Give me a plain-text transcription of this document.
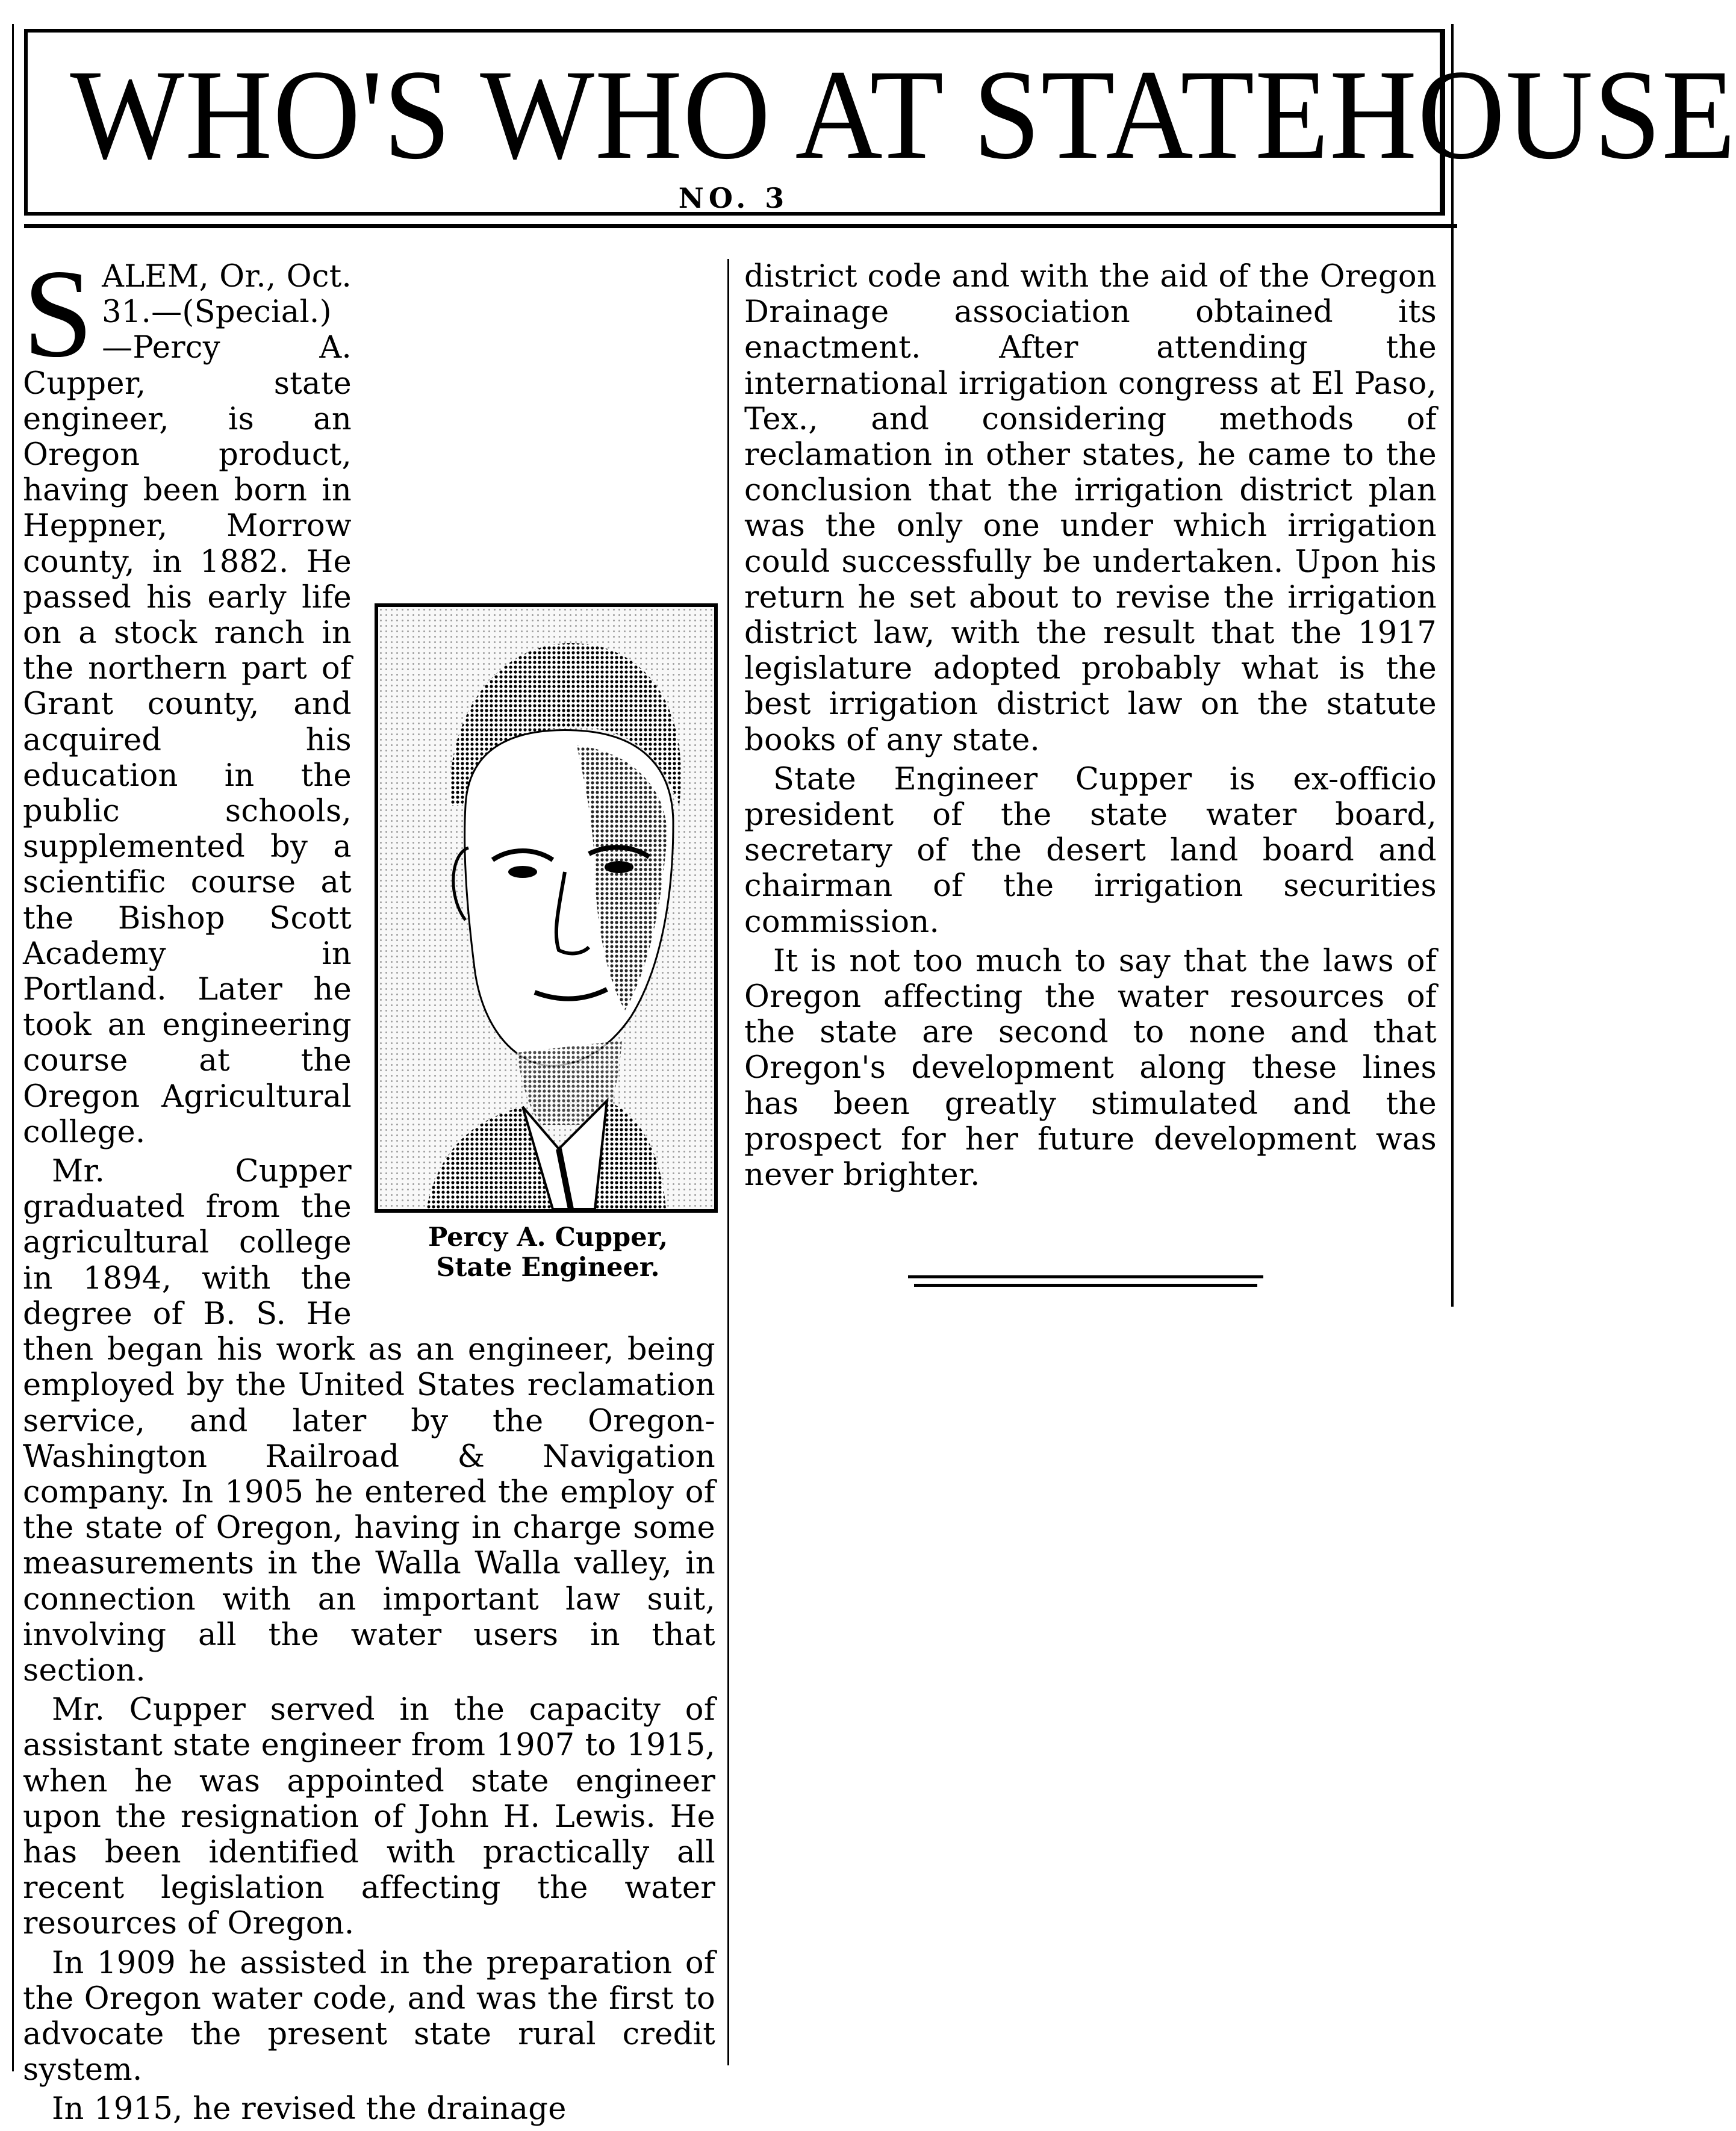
WHO'S WHO AT STATEHOUSE
NO. 3

SALEM, Or., Oct. 31.—(Special.)—Percy A. Cupper, state engineer, is an Oregon product, having been born in Heppner, Morrow county, in 1882. He passed his early life on a stock ranch in the northern part of Grant county, and acquired his education in the public schools, supplemented by a scientific course at the Bishop Scott Academy in Portland. Later he took an engineering course at the Oregon Agricultural college.

Mr. Cupper graduated from the agricultural college in 1894, with the degree of B. S. He then began his work as an engineer, being employed by the United States reclamation service, and later by the Oregon-Washington Railroad & Navigation company. In 1905 he entered the employ of the state of Oregon, having in charge some measurements in the Walla Walla valley, in connection with an important law suit, involving all the water users in that section.

Mr. Cupper served in the capacity of assistant state engineer from 1907 to 1915, when he was appointed state engineer upon the resignation of John H. Lewis. He has been identified with practically all recent legislation affecting the water resources of Oregon.

In 1909 he assisted in the preparation of the Oregon water code, and was the first to advocate the present state rural credit system.

In 1915, he revised the drainage

Percy A. Cupper,
State Engineer.

district code and with the aid of the Oregon Drainage association obtained its enactment. After attending the international irrigation congress at El Paso, Tex., and considering methods of reclamation in other states, he came to the conclusion that the irrigation district plan was the only one under which irrigation could successfully be undertaken. Upon his return he set about to revise the irrigation district law, with the result that the 1917 legislature adopted probably what is the best irrigation district law on the statute books of any state.

State Engineer Cupper is ex-officio president of the state water board, secretary of the desert land board and chairman of the irrigation securities commission.

It is not too much to say that the laws of Oregon affecting the water resources of the state are second to none and that Oregon's development along these lines has been greatly stimulated and the prospect for her future development was never brighter.
